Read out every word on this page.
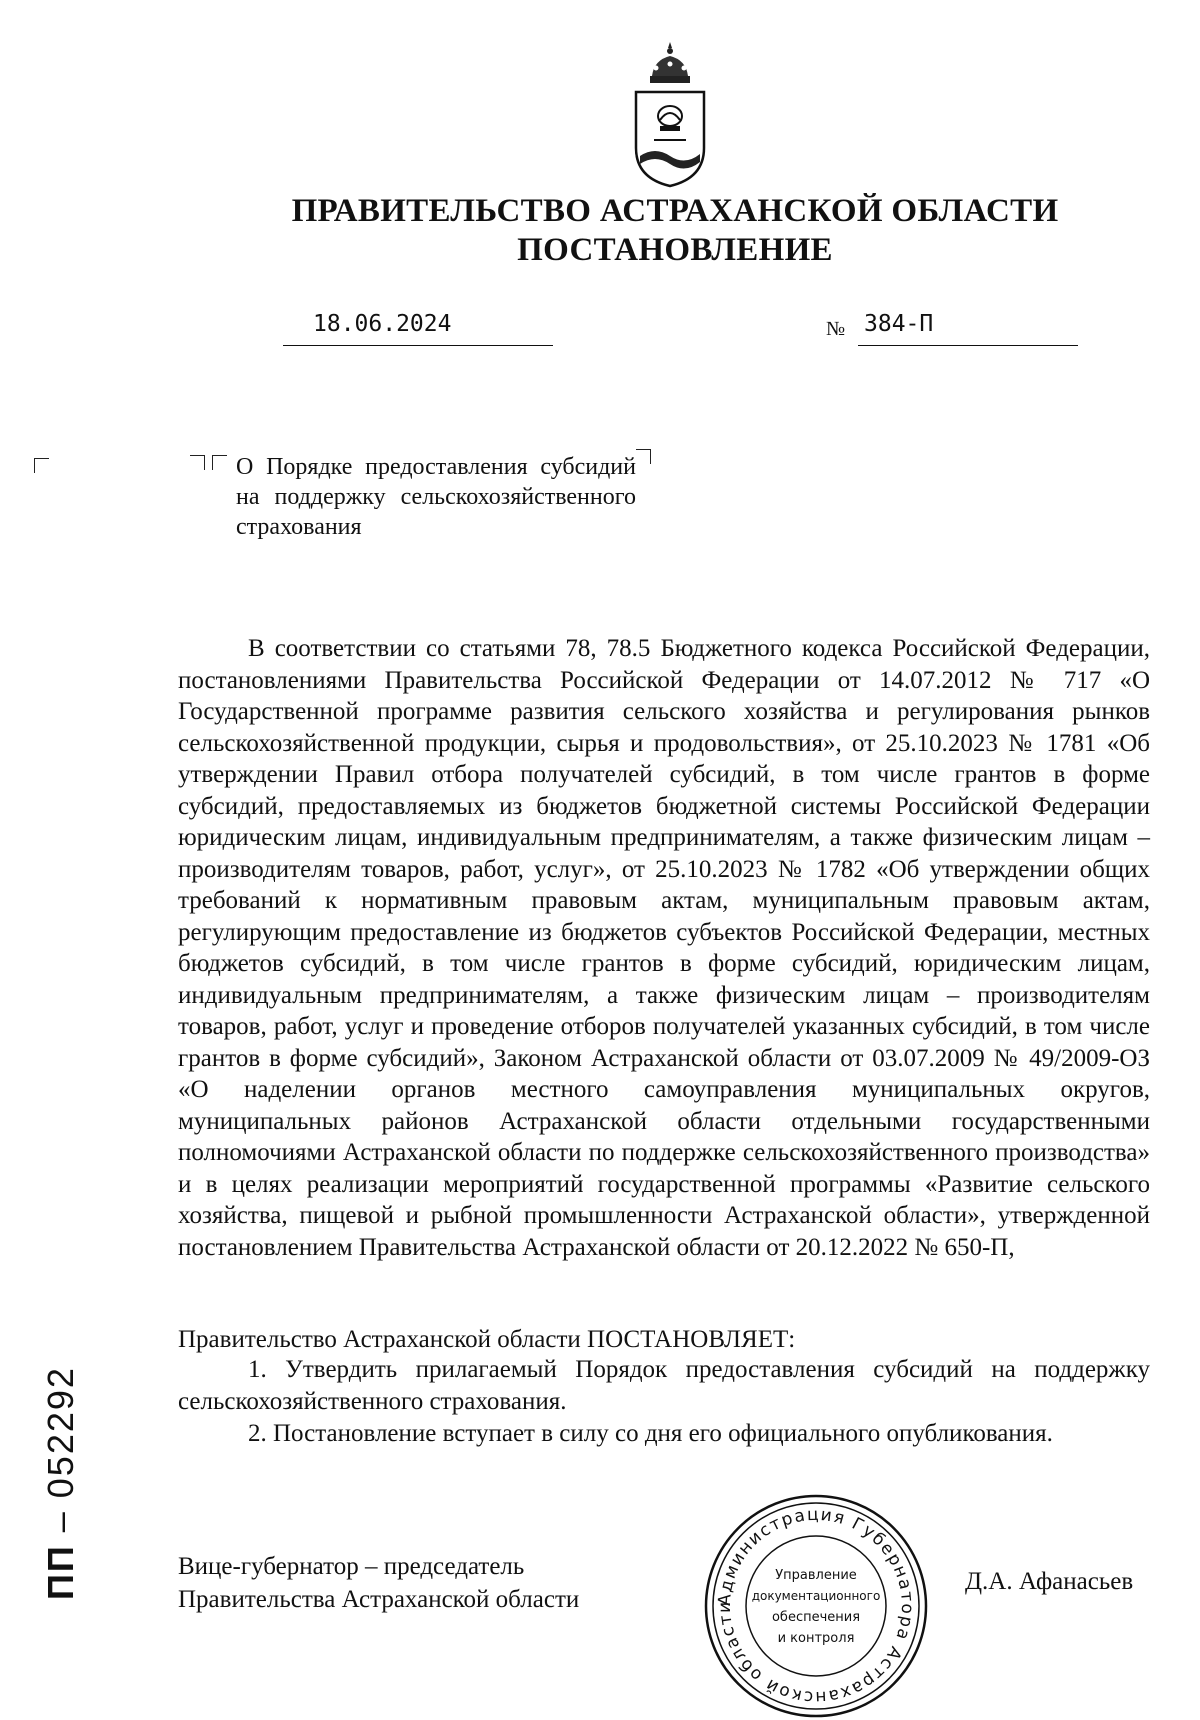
ПРАВИТЕЛЬСТВО АСТРАХАНСКОЙ ОБЛАСТИ
ПОСТАНОВЛЕНИЕ
18.06.2024	№ 384-П
О Порядке предоставления субсидий на поддержку сельскохозяйственного страхования
В соответствии со статьями 78, 78.5 Бюджетного кодекса Российской Федерации, постановлениями Правительства Российской Федерации от 14.07.2012 № 717 «О Государственной программе развития сельского хозяйства и регулирования рынков сельскохозяйственной продукции, сырья и продовольствия», от 25.10.2023 № 1781 «Об утверждении Правил отбора получателей субсидий, в том числе грантов в форме субсидий, предоставляемых из бюджетов бюджетной системы Российской Федерации юридическим лицам, индивидуальным предпринимателям, а также физическим лицам – производителям товаров, работ, услуг», от 25.10.2023 № 1782 «Об утверждении общих требований к нормативным правовым актам, муниципальным правовым актам, регулирующим предоставление из бюджетов субъектов Российской Федерации, местных бюджетов субсидий, в том числе грантов в форме субсидий, юридическим лицам, индивидуальным предпринимателям, а также физическим лицам – производителям товаров, работ, услуг и проведение отборов получателей указанных субсидий, в том числе грантов в форме субсидий», Законом Астраханской области от 03.07.2009 № 49/2009-ОЗ «О наделении органов местного самоуправления муниципальных округов, муниципальных районов Астраханской области отдельными государственными полномочиями Астраханской области по поддержке сельскохозяйственного производства» и в целях реализации мероприятий государственной программы «Развитие сельского хозяйства, пищевой и рыбной промышленности Астраханской области», утвержденной постановлением Правительства Астраханской области от 20.12.2022 № 650-П,
Правительство Астраханской области ПОСТАНОВЛЯЕТ:
1. Утвердить прилагаемый Порядок предоставления субсидий на поддержку сельскохозяйственного страхования.
2. Постановление вступает в силу со дня его официального опубликования.
Вице-губернатор – председатель
Правительства Астраханской области
Д.А. Афанасьев
Администрация Губернатора Астраханской области
Управление
документационного
обеспечения
и контроля
ПП – 052292
